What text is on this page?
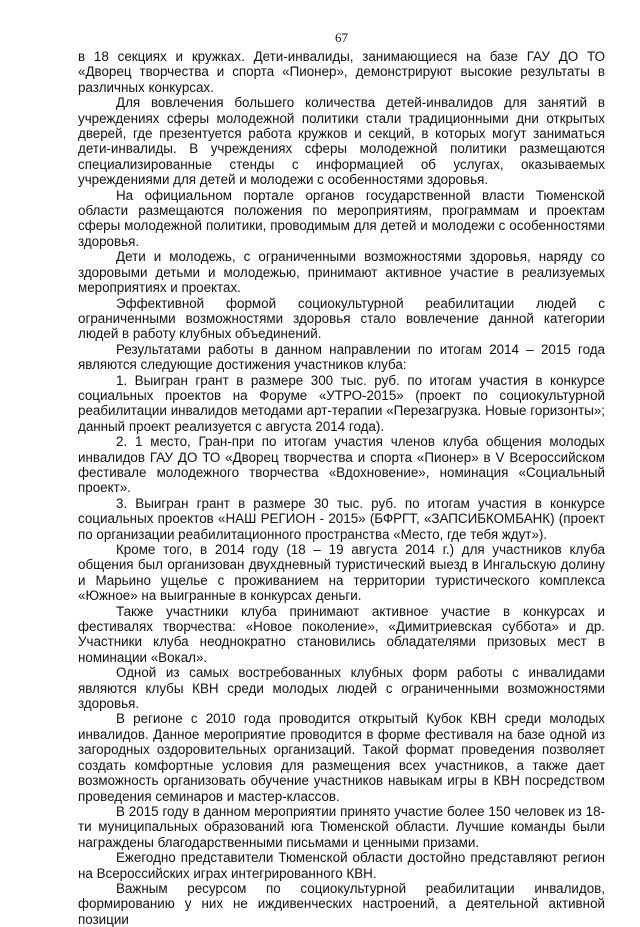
67

в 18 секциях и кружках. Дети-инвалиды, занимающиеся на базе ГАУ ДО ТО «Дворец творчества и спорта «Пионер», демонстрируют высокие результаты в различных конкурсах.

Для вовлечения большего количества детей-инвалидов для занятий в учреждениях сферы молодежной политики стали традиционными дни открытых дверей, где презентуется работа кружков и секций, в которых могут заниматься дети-инвалиды. В учреждениях сферы молодежной политики размещаются специализированные стенды с информацией об услугах, оказываемых учреждениями для детей и молодежи с особенностями здоровья.

На официальном портале органов государственной власти Тюменской области размещаются положения по мероприятиям, программам и проектам сферы молодежной политики, проводимым для детей и молодежи с особенностями здоровья.

Дети и молодежь, с ограниченными возможностями здоровья, наряду со здоровыми детьми и молодежью, принимают активное участие в реализуемых мероприятиях и проектах.

Эффективной формой социокультурной реабилитации людей с ограниченными возможностями здоровья стало вовлечение данной категории людей в работу клубных объединений.

Результатами работы в данном направлении по итогам 2014 – 2015 года являются следующие достижения участников клуба:

1. Выигран грант в размере 300 тыс. руб. по итогам участия в конкурсе социальных проектов на Форуме «УТРО-2015» (проект по социокультурной реабилитации инвалидов методами арт-терапии «Перезагрузка. Новые горизонты»; данный проект реализуется с августа 2014 года).

2. 1 место, Гран-при по итогам участия членов клуба общения молодых инвалидов ГАУ ДО ТО «Дворец творчества и спорта «Пионер» в V Всероссийском фестивале молодежного творчества «Вдохновение», номинация «Социальный проект».

3. Выигран грант в размере 30 тыс. руб. по итогам участия в конкурсе социальных проектов «НАШ РЕГИОН - 2015» (БФРГТ, «ЗАПСИБКОМБАНК) (проект по организации реабилитационного пространства «Место, где тебя ждут»).

Кроме того, в 2014 году (18 – 19 августа 2014 г.) для участников клуба общения был организован двухдневный туристический выезд в Ингальскую долину и Марьино ущелье с проживанием на территории туристического комплекса «Южное» на выигранные в конкурсах деньги.

Также участники клуба принимают активное участие в конкурсах и фестивалях творчества: «Новое поколение», «Димитриевская суббота» и др. Участники клуба неоднократно становились обладателями призовых мест в номинации «Вокал».

Одной из самых востребованных клубных форм работы с инвалидами являются клубы КВН среди молодых людей с ограниченными возможностями здоровья.

В регионе с 2010 года проводится открытый Кубок КВН среди молодых инвалидов. Данное мероприятие проводится в форме фестиваля на базе одной из загородных оздоровительных организаций. Такой формат проведения позволяет создать комфортные условия для размещения всех участников, а также дает возможность организовать обучение участников навыкам игры в КВН посредством проведения семинаров и мастер-классов.

В 2015 году в данном мероприятии принято участие более 150 человек из 18-ти муниципальных образований юга Тюменской области. Лучшие команды были награждены благодарственными письмами и ценными призами.

Ежегодно представители Тюменской области достойно представляют регион на Всероссийских играх интегрированного КВН.

Важным ресурсом по социокультурной реабилитации инвалидов, формированию у них не иждивенческих настроений, а деятельной активной позиции
